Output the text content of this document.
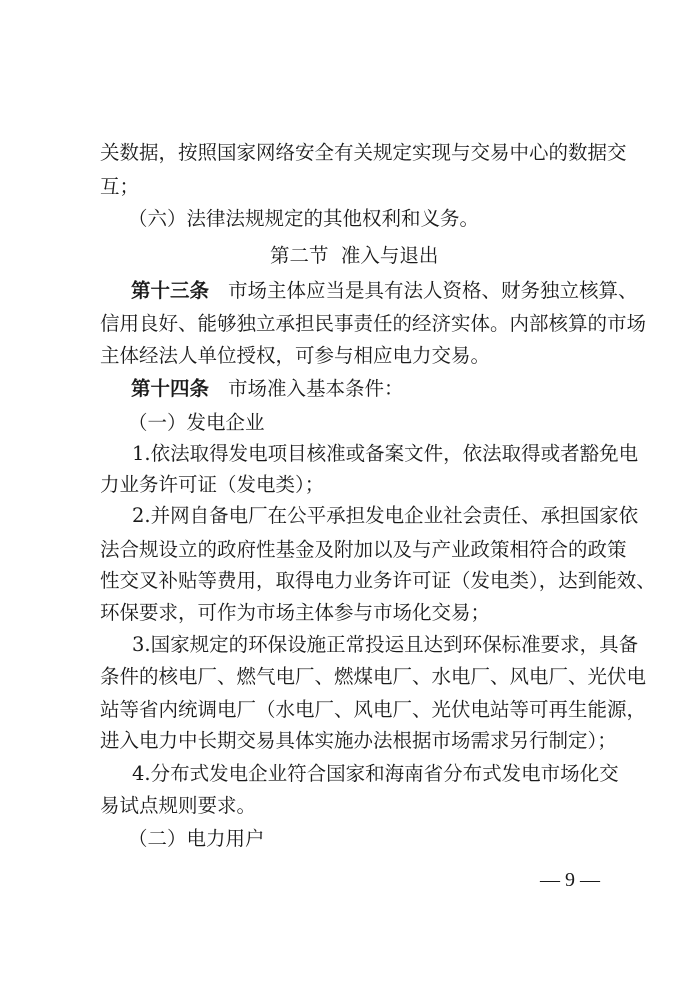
关数据，按照国家网络安全有关规定实现与交易中心的数据交
互；
（六）法律法规规定的其他权利和义务。
第二节  准入与退出
第十三条 市场主体应当是具有法人资格、财务独立核算、
信用良好、能够独立承担民事责任的经济实体。内部核算的市场
主体经法人单位授权，可参与相应电力交易。
第十四条 市场准入基本条件：
（一）发电企业
1.依法取得发电项目核准或备案文件，依法取得或者豁免电
力业务许可证（发电类）；
2.并网自备电厂在公平承担发电企业社会责任、承担国家依
法合规设立的政府性基金及附加以及与产业政策相符合的政策
性交叉补贴等费用，取得电力业务许可证（发电类），达到能效、
环保要求，可作为市场主体参与市场化交易；
3.国家规定的环保设施正常投运且达到环保标准要求，具备
条件的核电厂、燃气电厂、燃煤电厂、水电厂、风电厂、光伏电
站等省内统调电厂（水电厂、风电厂、光伏电站等可再生能源，
进入电力中长期交易具体实施办法根据市场需求另行制定）；
4.分布式发电企业符合国家和海南省分布式发电市场化交
易试点规则要求。
（二）电力用户
— 9 —
